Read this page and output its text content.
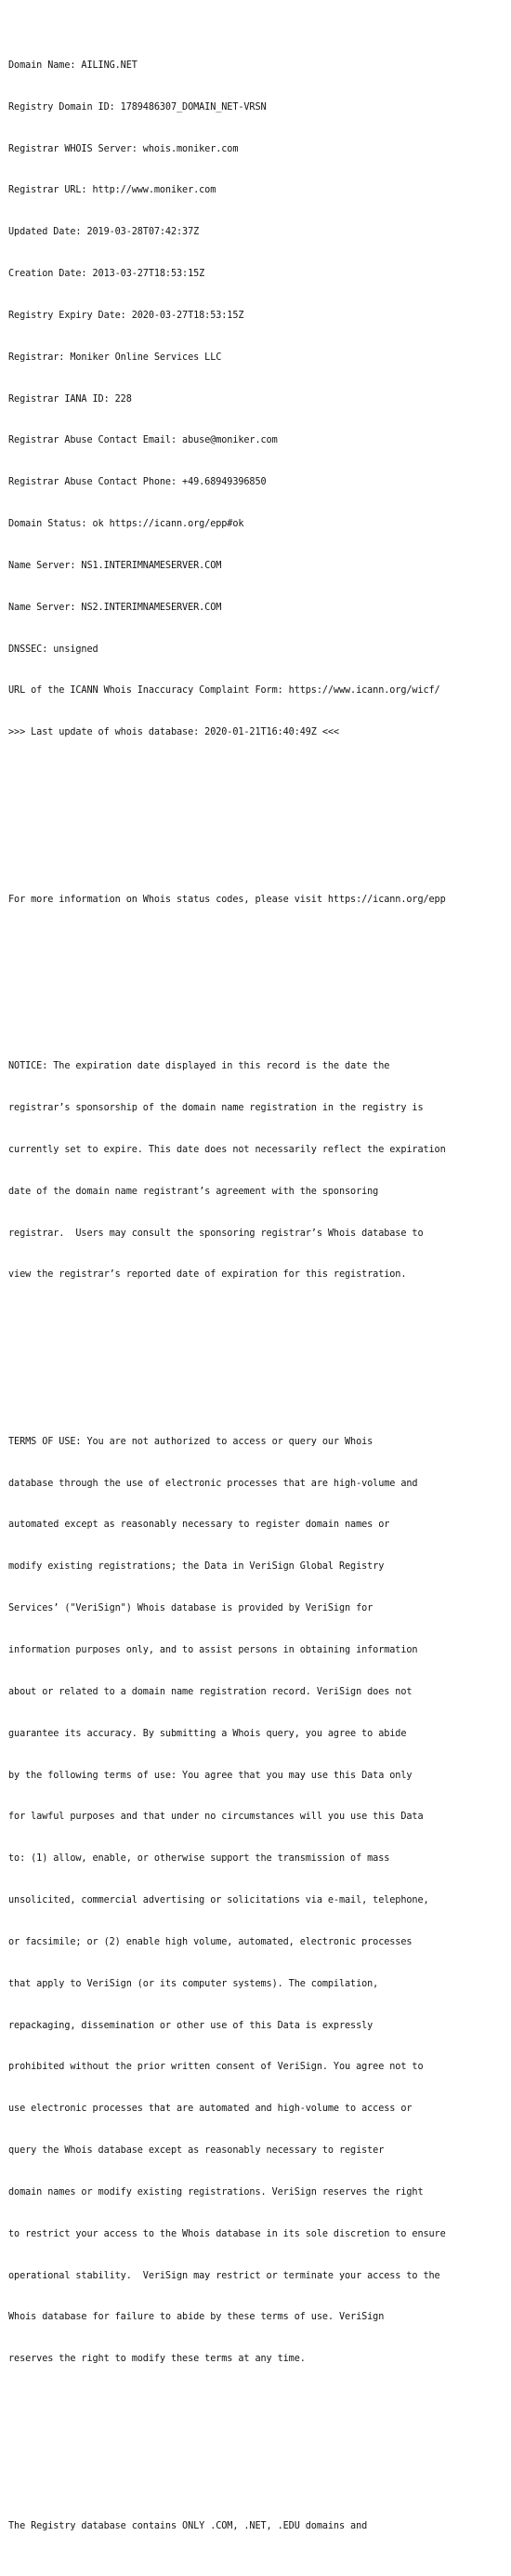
Domain Name: AILING.NET

Registry Domain ID: 1789486307_DOMAIN_NET-VRSN

Registrar WHOIS Server: whois.moniker.com

Registrar URL: http://www.moniker.com

Updated Date: 2019-03-28T07:42:37Z

Creation Date: 2013-03-27T18:53:15Z

Registry Expiry Date: 2020-03-27T18:53:15Z

Registrar: Moniker Online Services LLC

Registrar IANA ID: 228

Registrar Abuse Contact Email: abuse@moniker.com

Registrar Abuse Contact Phone: +49.68949396850

Domain Status: ok https://icann.org/epp#ok

Name Server: NS1.INTERIMNAMESERVER.COM

Name Server: NS2.INTERIMNAMESERVER.COM

DNSSEC: unsigned

URL of the ICANN Whois Inaccuracy Complaint Form: https://www.icann.org/wicf/

>>> Last update of whois database: 2020-01-21T16:40:49Z <<<

For more information on Whois status codes, please visit https://icann.org/epp

NOTICE: The expiration date displayed in this record is the date the

registrar’s sponsorship of the domain name registration in the registry is

currently set to expire. This date does not necessarily reflect the expiration

date of the domain name registrant’s agreement with the sponsoring

registrar.  Users may consult the sponsoring registrar’s Whois database to

view the registrar’s reported date of expiration for this registration.

TERMS OF USE: You are not authorized to access or query our Whois

database through the use of electronic processes that are high-volume and

automated except as reasonably necessary to register domain names or

modify existing registrations; the Data in VeriSign Global Registry

Services’ ("VeriSign") Whois database is provided by VeriSign for

information purposes only, and to assist persons in obtaining information

about or related to a domain name registration record. VeriSign does not

guarantee its accuracy. By submitting a Whois query, you agree to abide

by the following terms of use: You agree that you may use this Data only

for lawful purposes and that under no circumstances will you use this Data

to: (1) allow, enable, or otherwise support the transmission of mass

unsolicited, commercial advertising or solicitations via e-mail, telephone,

or facsimile; or (2) enable high volume, automated, electronic processes

that apply to VeriSign (or its computer systems). The compilation,

repackaging, dissemination or other use of this Data is expressly

prohibited without the prior written consent of VeriSign. You agree not to

use electronic processes that are automated and high-volume to access or

query the Whois database except as reasonably necessary to register

domain names or modify existing registrations. VeriSign reserves the right

to restrict your access to the Whois database in its sole discretion to ensure

operational stability.  VeriSign may restrict or terminate your access to the

Whois database for failure to abide by these terms of use. VeriSign

reserves the right to modify these terms at any time.

The Registry database contains ONLY .COM, .NET, .EDU domains and
